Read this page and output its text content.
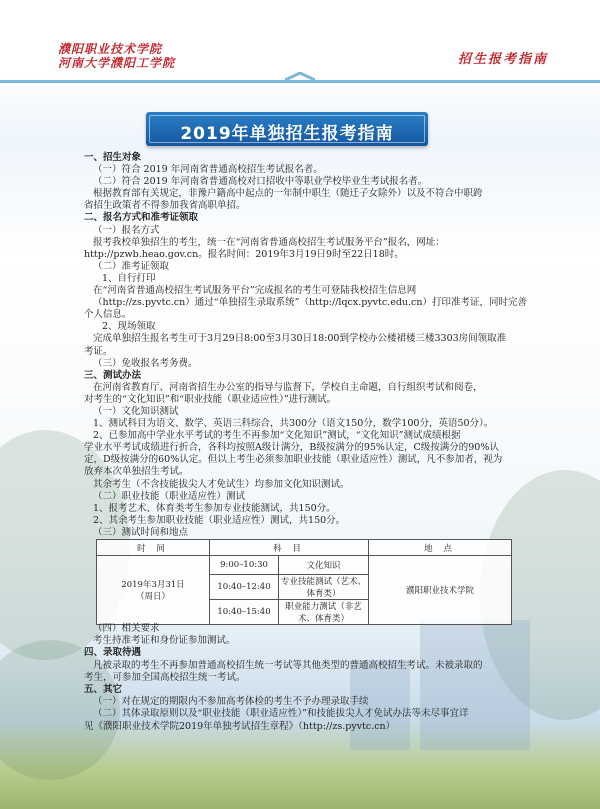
濮阳职业技术学院
河南大学濮阳工学院	招生报考指南
2019年单独招生报考指南

一、招生对象

（一）符合 2019 年河南省普通高校招生考试报名者。

（二）符合 2019 年河南省普通高校对口招收中等职业学校毕业生考试报名者。

根据教育部有关规定，非豫户籍高中起点的一年制中职生（随迁子女除外）以及不符合中职跨

省招生政策者不得参加我省高职单招。

二、报名方式和准考证领取

（一）报名方式

报考我校单独招生的考生，统一在“河南省普通高校招生考试服务平台”报名，网址：

http://pzwb.heao.gov.cn。报名时间：2019年3月19日9时至22日18时。

（二）准考证领取

1、自行打印

在“河南省普通高校招生考试服务平台”完成报名的考生可登陆我校招生信息网

（http://zs.pyvtc.cn）通过“单独招生录取系统”（http://lqcx.pyvtc.edu.cn）打印准考证，同时完善

个人信息。

2、现场领取

完成单独招生报名考生可于3月29日8:00至3月30日18:00到学校办公楼裙楼三楼3303房间领取准

考证。

（三）免收报名考务费。

三、测试办法

在河南省教育厅、河南省招生办公室的指导与监督下，学校自主命题，自行组织考试和阅卷，

对考生的“文化知识”和“职业技能（职业适应性）”进行测试。

（一）文化知识测试

1、测试科目为语文、数学、英语三科综合，共300分（语文150分，数学100分，英语50分）。

2、已参加高中学业水平考试的考生不再参加“文化知识”测试，“文化知识”测试成绩根据

学业水平考试成绩进行折合，各科均按照A级计满分，B级按满分的95%认定，C级按满分的90%认

定，D级按满分的60%认定。但以上考生必须参加职业技能（职业适应性）测试，凡不参加者，视为

放弃本次单独招生考试。

其余考生（不含技能拔尖人才免试生）均参加文化知识测试。

（二）职业技能（职业适应性）测试

1、报考艺术、体育类考生参加专业技能测试，共150分。

2、其余考生参加职业技能（职业适应性）测试，共150分。

（三）测试时间和地点

时 间	科 目		地 点

2019年3月31日
（周日）	9:00–10:30	文化知识	濮阳职业技术学院
	10:40–12:40	专业技能测试（艺术、体育类）	
	10:40–15:40	职业能力测试（非艺术、体育类）	

（四）相关要求

考生持准考证和身份证参加测试。

四、录取待遇

凡被录取的考生不再参加普通高校招生统一考试等其他类型的普通高校招生考试。未被录取的

考生，可参加全国高校招生统一考试。

五、其它

（一）对在规定的期限内不参加高考体检的考生不予办理录取手续

（二）其体录取原则以及“职业技能（职业适应性）”和技能拔尖人才免试办法等未尽事宜详

见《濮阳职业技术学院2019年单独考试招生章程》（http://zs.pyvtc.cn）
